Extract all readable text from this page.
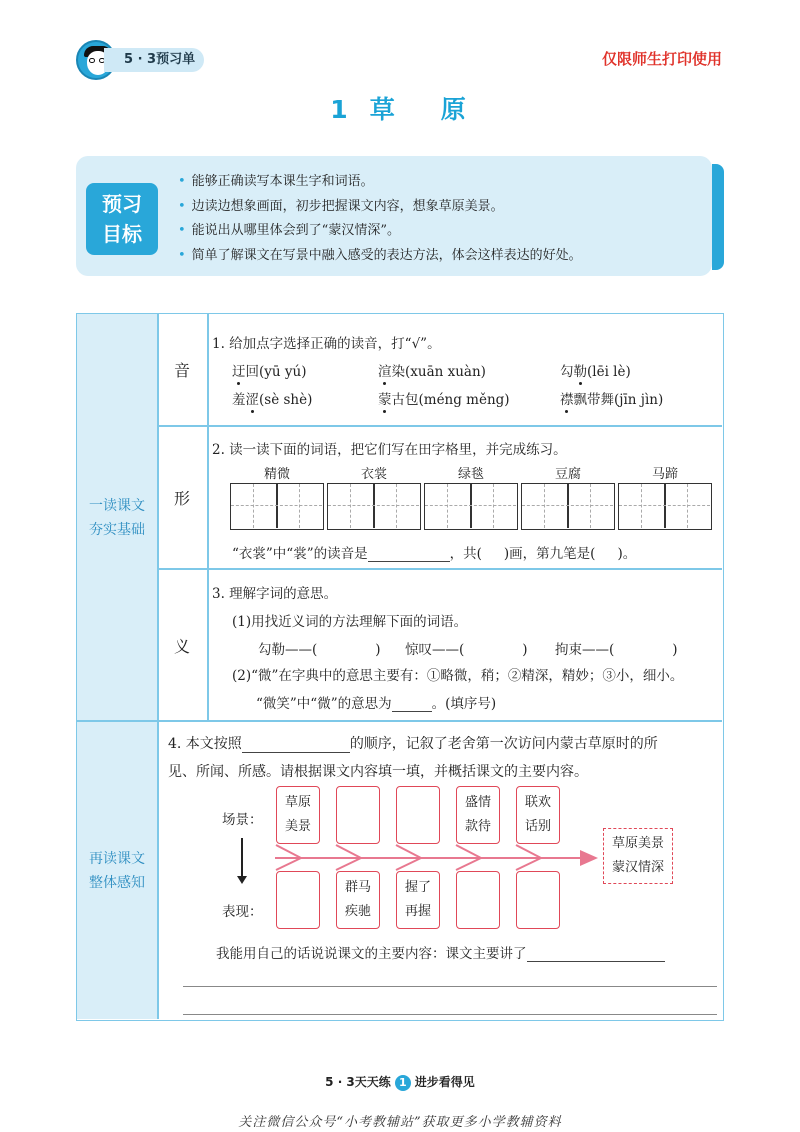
5 · 3预习单	仅限师生打印使用
1 草 原
预习
目标
• 能够正确读写本课生字和词语。
• 边读边想象画面，初步把握课文内容，想象草原美景。
• 能说出从哪里体会到了“蒙汉情深”。
• 简单了解课文在写景中融入感受的表达方法，体会这样表达的好处。
一读课文
夯实基础
再读课文
整体感知
音
形
义
1. 给加点字选择正确的读音，打“√”。
迂回(yū yú)	渲染(xuān xuàn)	勾勒(lēi lè)
羞涩(sè shè)	蒙古包(méng měng)	襟飘带舞(jīn jìn)
2. 读一读下面的词语，把它们写在田字格里，并完成练习。
精微	衣裳	绿毯	豆腐	马蹄
“衣裳”中“裳”的读音是	，共( )画，第九笔是( )。
3. 理解字词的意思。
(1)用找近义词的方法理解下面的词语。
勾勒——(	) 惊叹——(	) 拘束——(	)
(2)“微”在字典中的意思主要有：①略微，稍；②精深，精妙；③小，细小。
“微笑”中“微”的意思为	。(填序号)
4. 本文按照	的顺序，记叙了老舍第一次访问内蒙古草原时的所
见、所闻、所感。请根据课文内容填一填，并概括课文的主要内容。
场景：
表现：
草原
美景
盛情
款待
联欢
话别
群马
疾驰
握了
再握
草原美景
蒙汉情深
我能用自己的话说说课文的主要内容：课文主要讲了
5 · 3天天练 1 进步看得见
关注微信公众号“小考教辅站”获取更多小学教辅资料
